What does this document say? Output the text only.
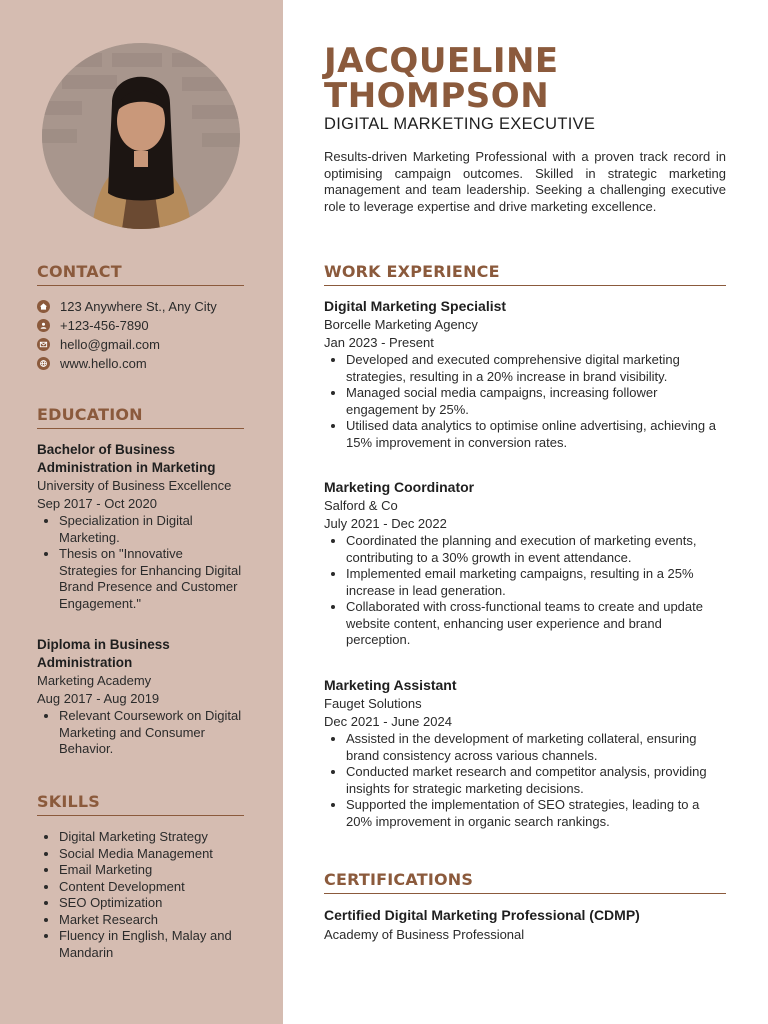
CONTACT
123 Anywhere St., Any City
+123-456-7890
hello@gmail.com
www.hello.com
EDUCATION
Bachelor of Business Administration in Marketing
University of Business Excellence
Sep 2017 - Oct 2020
• Specialization in Digital Marketing.
• Thesis on "Innovative Strategies for Enhancing Digital Brand Presence and Customer Engagement."
Diploma in Business Administration
Marketing Academy
Aug 2017 - Aug 2019
• Relevant Coursework on Digital Marketing and Consumer Behavior.
SKILLS
• Digital Marketing Strategy
• Social Media Management
• Email Marketing
• Content Development
• SEO Optimization
• Market Research
• Fluency in English, Malay and Mandarin
JACQUELINE
THOMPSON
DIGITAL MARKETING EXECUTIVE

Results-driven Marketing Professional with a proven track record in optimising campaign outcomes. Skilled in strategic marketing management and team leadership. Seeking a challenging executive role to leverage expertise and drive marketing excellence.

WORK EXPERIENCE
Digital Marketing Specialist
Borcelle Marketing Agency
Jan 2023 - Present
• Developed and executed comprehensive digital marketing strategies, resulting in a 20% increase in brand visibility.
• Managed social media campaigns, increasing follower engagement by 25%.
• Utilised data analytics to optimise online advertising, achieving a 15% improvement in conversion rates.
Marketing Coordinator
Salford & Co
July 2021 - Dec 2022
• Coordinated the planning and execution of marketing events, contributing to a 30% growth in event attendance.
• Implemented email marketing campaigns, resulting in a 25% increase in lead generation.
• Collaborated with cross-functional teams to create and update website content, enhancing user experience and brand perception.
Marketing Assistant
Fauget Solutions
Dec 2021 - June 2024
• Assisted in the development of marketing collateral, ensuring brand consistency across various channels.
• Conducted market research and competitor analysis, providing insights for strategic marketing decisions.
• Supported the implementation of SEO strategies, leading to a 20% improvement in organic search rankings.
CERTIFICATIONS
Certified Digital Marketing Professional (CDMP)
Academy of Business Professional
